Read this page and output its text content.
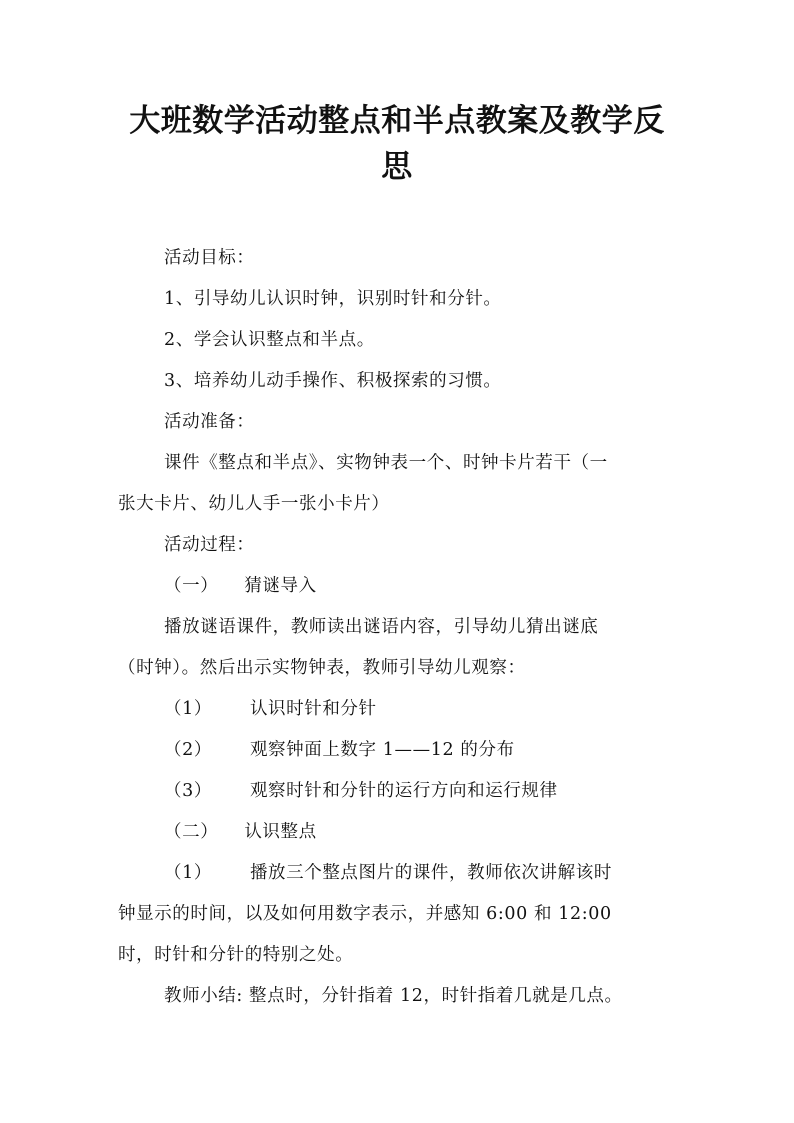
大班数学活动整点和半点教案及教学反
思
活动目标：
1、引导幼儿认识时钟，识别时针和分针。
2、学会认识整点和半点。
3、培养幼儿动手操作、积极探索的习惯。
活动准备：
课件《整点和半点》、实物钟表一个、时钟卡片若干（一
张大卡片、幼儿人手一张小卡片）
活动过程：
（一） 猜谜导入
播放谜语课件，教师读出谜语内容，引导幼儿猜出谜底
（时钟）。然后出示实物钟表，教师引导幼儿观察：
（1） 认识时针和分针
（2） 观察钟面上数字 1——12 的分布
（3） 观察时针和分针的运行方向和运行规律
（二） 认识整点
（1） 播放三个整点图片的课件，教师依次讲解该时
钟显示的时间，以及如何用数字表示，并感知 6:00 和 12:00
时，时针和分针的特别之处。
教师小结: 整点时，分针指着 12，时针指着几就是几点。
